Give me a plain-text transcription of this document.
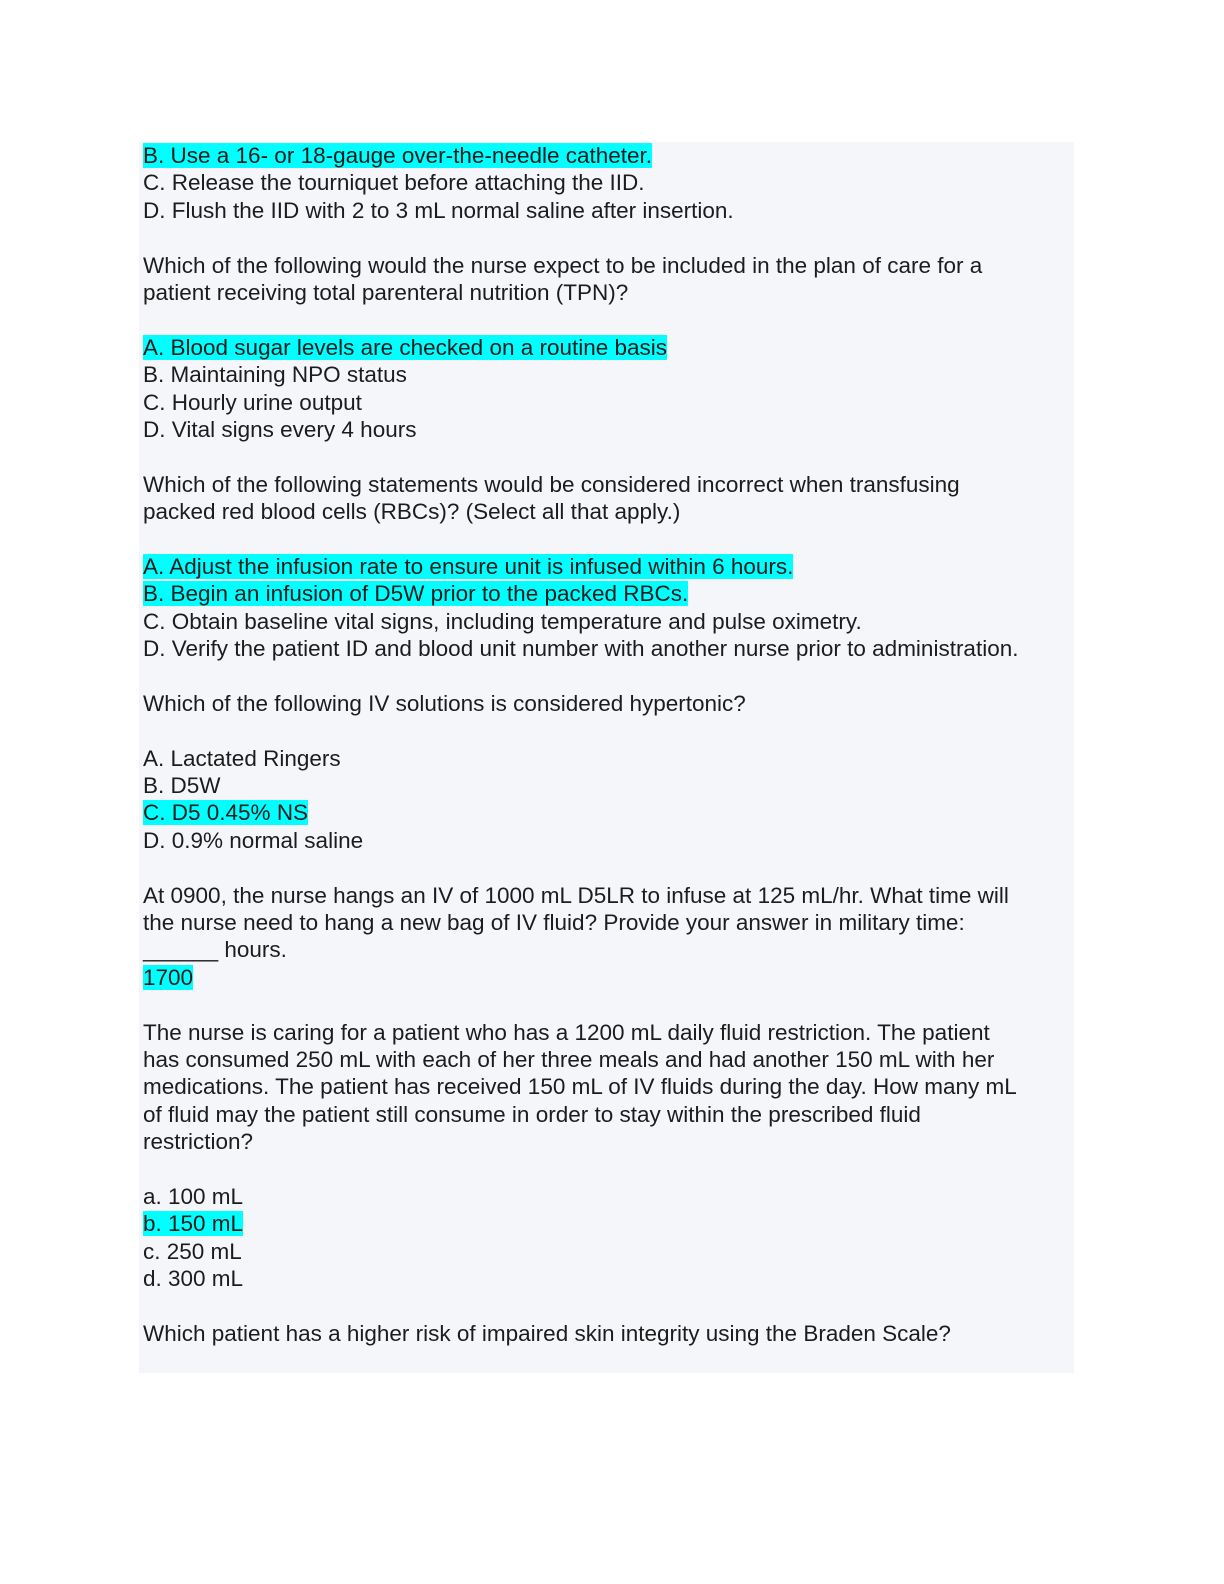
B. Use a 16- or 18-gauge over-the-needle catheter.
C. Release the tourniquet before attaching the IID.
D. Flush the IID with 2 to 3 mL normal saline after insertion.
Which of the following would the nurse expect to be included in the plan of care for a
patient receiving total parenteral nutrition (TPN)?
A. Blood sugar levels are checked on a routine basis
B. Maintaining NPO status
C. Hourly urine output
D. Vital signs every 4 hours
Which of the following statements would be considered incorrect when transfusing
packed red blood cells (RBCs)? (Select all that apply.)
A. Adjust the infusion rate to ensure unit is infused within 6 hours.
B. Begin an infusion of D5W prior to the packed RBCs.
C. Obtain baseline vital signs, including temperature and pulse oximetry.
D. Verify the patient ID and blood unit number with another nurse prior to administration.
Which of the following IV solutions is considered hypertonic?
A. Lactated Ringers
B. D5W
C. D5 0.45% NS
D. 0.9% normal saline
At 0900, the nurse hangs an IV of 1000 mL D5LR to infuse at 125 mL/hr. What time will
the nurse need to hang a new bag of IV fluid? Provide your answer in military time:
______ hours.
1700
The nurse is caring for a patient who has a 1200 mL daily fluid restriction. The patient
has consumed 250 mL with each of her three meals and had another 150 mL with her
medications. The patient has received 150 mL of IV fluids during the day. How many mL
of fluid may the patient still consume in order to stay within the prescribed fluid
restriction?
a. 100 mL
b. 150 mL
c. 250 mL
d. 300 mL
Which patient has a higher risk of impaired skin integrity using the Braden Scale?
